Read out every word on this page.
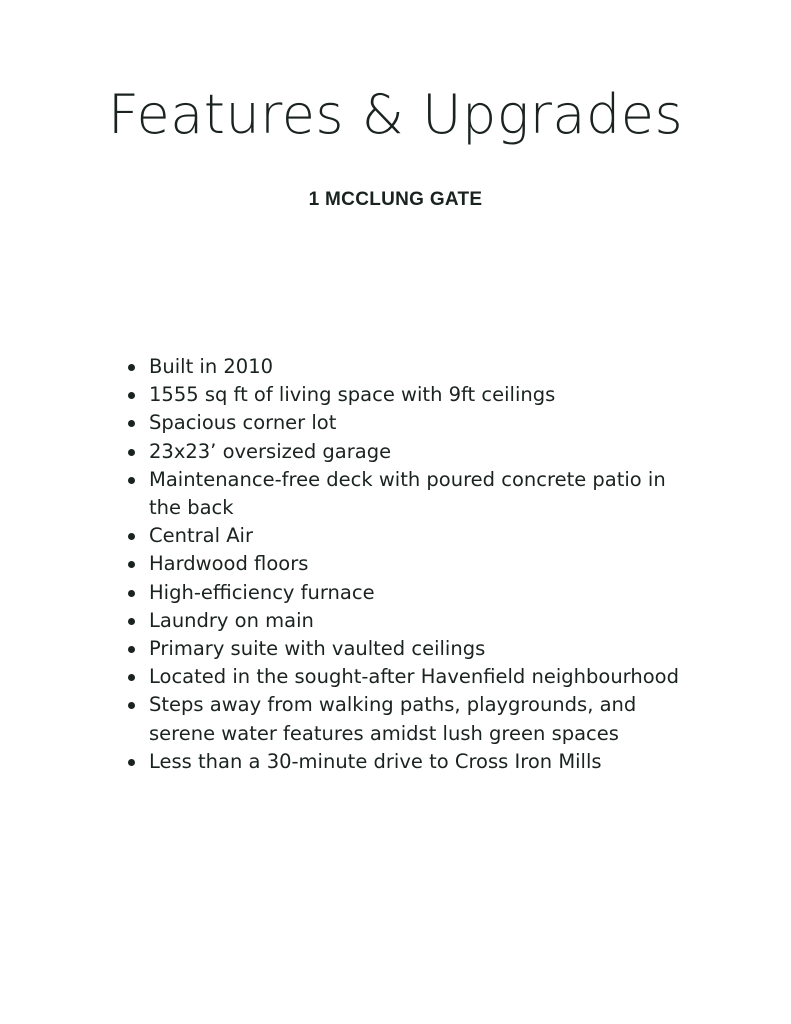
Features & Upgrades
1 MCCLUNG GATE
Built in 2010
1555 sq ft of living space with 9ft ceilings
Spacious corner lot
23x23’ oversized garage
Maintenance-free deck with poured concrete patio in the back
Central Air
Hardwood floors
High-efficiency furnace
Laundry on main
Primary suite with vaulted ceilings
Located in the sought-after Havenfield neighbourhood
Steps away from walking paths, playgrounds, and serene water features amidst lush green spaces
Less than a 30-minute drive to Cross Iron Mills
